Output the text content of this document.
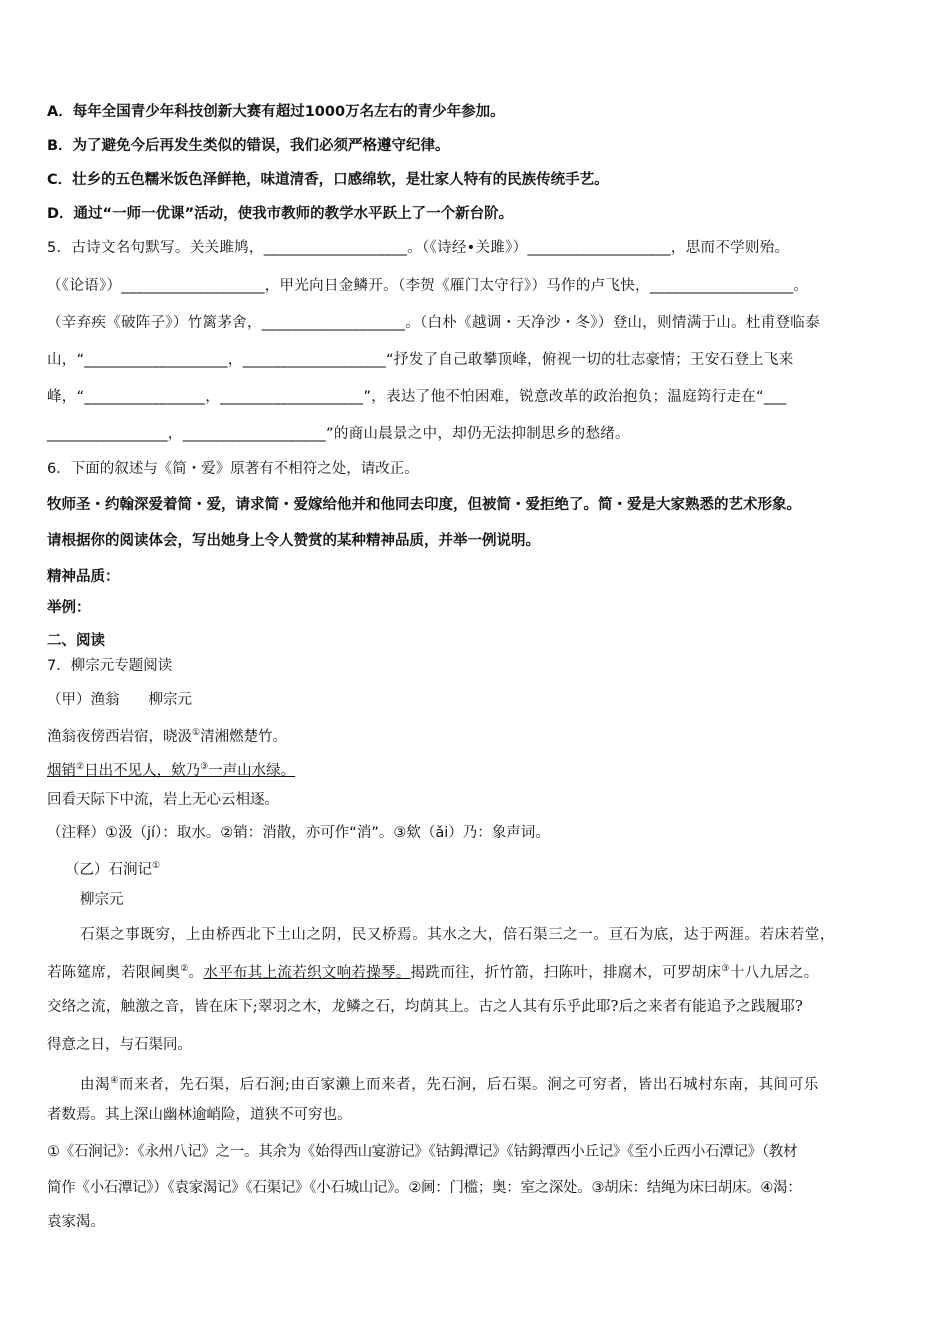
A．每年全国青少年科技创新大赛有超过1000万名左右的青少年参加。
B．为了避免今后再发生类似的错误，我们必须严格遵守纪律。
C．壮乡的五色糯米饭色泽鲜艳，味道清香，口感绵软，是壮家人特有的民族传统手艺。
D．通过“一师一优课”活动，使我市教师的教学水平跃上了一个新台阶。
5．古诗文名句默写。关关雎鸠，___________________。（《诗经•关雎》）___________________，思而不学则殆。
（《论语》）___________________，甲光向日金鳞开。（李贺《雁门太守行》）马作的卢飞快，___________________。
（辛弃疾《破阵子》）竹篱茅舍，___________________。（白朴《越调・天净沙・冬》）登山，则情满于山。杜甫登临泰
山，“___________________，___________________“抒发了自己敢攀顶峰，俯视一切的壮志豪情；王安石登上飞来
峰，“________________，___________________”，表达了他不怕困难，锐意改革的政治抱负；温庭筠行走在“___
________________，___________________”的商山晨景之中，却仍无法抑制思乡的愁绪。
6．下面的叙述与《简・爱》原著有不相符之处，请改正。
牧师圣・约翰深爱着简・爱，请求简・爱嫁给他并和他同去印度，但被简・爱拒绝了。简・爱是大家熟悉的艺术形象。
请根据你的阅读体会，写出她身上令人赞赏的某种精神品质，并举一例说明。
精神品质：
举例：
二、阅读
7．柳宗元专题阅读
（甲）渔翁　　柳宗元
渔翁夜傍西岩宿，晓汲①清湘燃楚竹。
烟销②日出不见人，欸乃③一声山水绿。
回看天际下中流，岩上无心云相逐。
（注释）①汲（jí）：取水。②销：消散，亦可作“消”。③欸（ǎi）乃：象声词。
（乙）石涧记①
柳宗元
石渠之事既穷，上由桥西北下土山之阴，民又桥焉。其水之大，倍石渠三之一。亘石为底，达于两涯。若床若堂，
若陈筵席，若限阃奥②。水平布其上流若织文响若操琴。揭跣而往，折竹箭，扫陈叶，排腐木，可罗胡床③十八九居之。
交络之流，触激之音，皆在床下;翠羽之木，龙鳞之石，均荫其上。古之人其有乐乎此耶?后之来者有能追予之践履耶?
得意之日，与石渠同。
由渴④而来者，先石渠，后石涧;由百家濑上而来者，先石涧，后石渠。涧之可穷者，皆出石城村东南，其间可乐
者数焉。其上深山幽林逾峭险，道狭不可穷也。
①《石涧记》：《永州八记》之一。其余为《始得西山宴游记》《钴鉧潭记》《钴鉧潭西小丘记》《至小丘西小石潭记》（教材
简作《小石潭记》）《袁家渴记》《石渠记》《小石城山记》。②阃：门槛；奥：室之深处。③胡床：结绳为床曰胡床。④渴：
袁家渴。
